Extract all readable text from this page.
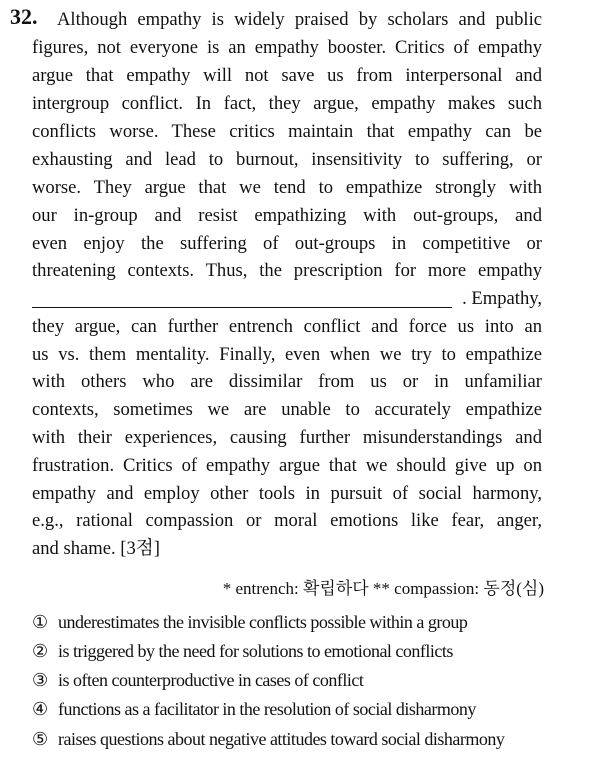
32. Although empathy is widely praised by scholars and public
figures, not everyone is an empathy booster. Critics of empathy
argue that empathy will not save us from interpersonal and
intergroup conflict. In fact, they argue, empathy makes such
conflicts worse. These critics maintain that empathy can be
exhausting and lead to burnout, insensitivity to suffering, or
worse. They argue that we tend to empathize strongly with
our in-group and resist empathizing with out-groups, and
even enjoy the suffering of out-groups in competitive or
threatening contexts. Thus, the prescription for more empathy
. Empathy,
they argue, can further entrench conflict and force us into an
us vs. them mentality. Finally, even when we try to empathize
with others who are dissimilar from us or in unfamiliar
contexts, sometimes we are unable to accurately empathize
with their experiences, causing further misunderstandings and
frustration. Critics of empathy argue that we should give up on
empathy and employ other tools in pursuit of social harmony,
e.g., rational compassion or moral emotions like fear, anger,
and shame. [3점]
* entrench: 확립하다 ** compassion: 동정(심)
① underestimates the invisible conflicts possible within a group
② is triggered by the need for solutions to emotional conflicts
③ is often counterproductive in cases of conflict
④ functions as a facilitator in the resolution of social disharmony
⑤ raises questions about negative attitudes toward social disharmony
